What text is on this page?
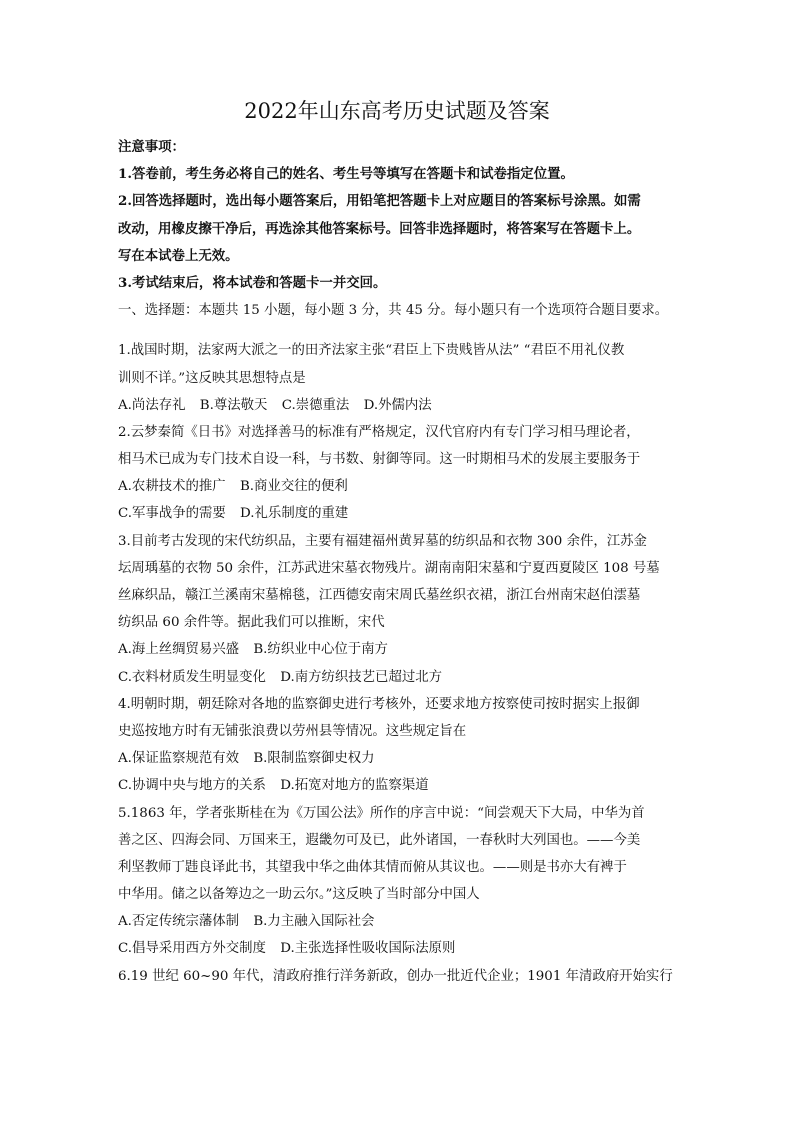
2022年山东高考历史试题及答案
注意事项：
1.答卷前，考生务必将自己的姓名、考生号等填写在答题卡和试卷指定位置。
2.回答选择题时，选出每小题答案后，用铅笔把答题卡上对应题目的答案标号涂黑。如需
改动，用橡皮擦干净后，再选涂其他答案标号。回答非选择题时，将答案写在答题卡上。
写在本试卷上无效。
3.考试结束后，将本试卷和答题卡一并交回。
一、选择题：本题共 15 小题，每小题 3 分，共 45 分。每小题只有一个选项符合题目要求。
1.战国时期，法家两大派之一的田齐法家主张“君臣上下贵贱皆从法” “君臣不用礼仪教
训则不详。”这反映其思想特点是
A.尚法存礼 B.尊法敬天 C.崇德重法 D.外儒内法
2.云梦秦简《日书》对选择善马的标准有严格规定，汉代官府内有专门学习相马理论者，
相马术已成为专门技术自设一科，与书数、射御等同。这一时期相马术的发展主要服务于
A.农耕技术的推广 B.商业交往的便利
C.军事战争的需要 D.礼乐制度的重建
3.目前考古发现的宋代纺织品，主要有福建福州黄昇墓的纺织品和衣物 300 余件，江苏金
坛周瑀墓的衣物 50 余件，江苏武进宋墓衣物残片。湖南南阳宋墓和宁夏西夏陵区 108 号墓
丝麻织品，赣江兰溪南宋墓棉毯，江西德安南宋周氏墓丝织衣裙，浙江台州南宋赵伯澐墓
纺织品 60 余件等。据此我们可以推断，宋代
A.海上丝绸贸易兴盛 B.纺织业中心位于南方
C.衣料材质发生明显变化 D.南方纺织技艺已超过北方
4.明朝时期，朝廷除对各地的监察御史进行考核外，还要求地方按察使司按时据实上报御
史巡按地方时有无铺张浪费以劳州县等情况。这些规定旨在
A.保证监察规范有效 B.限制监察御史权力
C.协调中央与地方的关系 D.拓宽对地方的监察渠道
5.1863 年，学者张斯桂在为《万国公法》所作的序言中说：“间尝观天下大局，中华为首
善之区、四海会同、万国来王，遐畿勿可及已，此外诸国，一春秋时大列国也。——今美
利坚教师丁韪良译此书，其望我中华之曲体其情而俯从其议也。——则是书亦大有裨于
中华用。储之以备筹边之一助云尔。”这反映了当时部分中国人
A.否定传统宗藩体制 B.力主融入国际社会
C.倡导采用西方外交制度 D.主张选择性吸收国际法原则
6.19 世纪 60~90 年代，清政府推行洋务新政，创办一批近代企业；1901 年清政府开始实行
